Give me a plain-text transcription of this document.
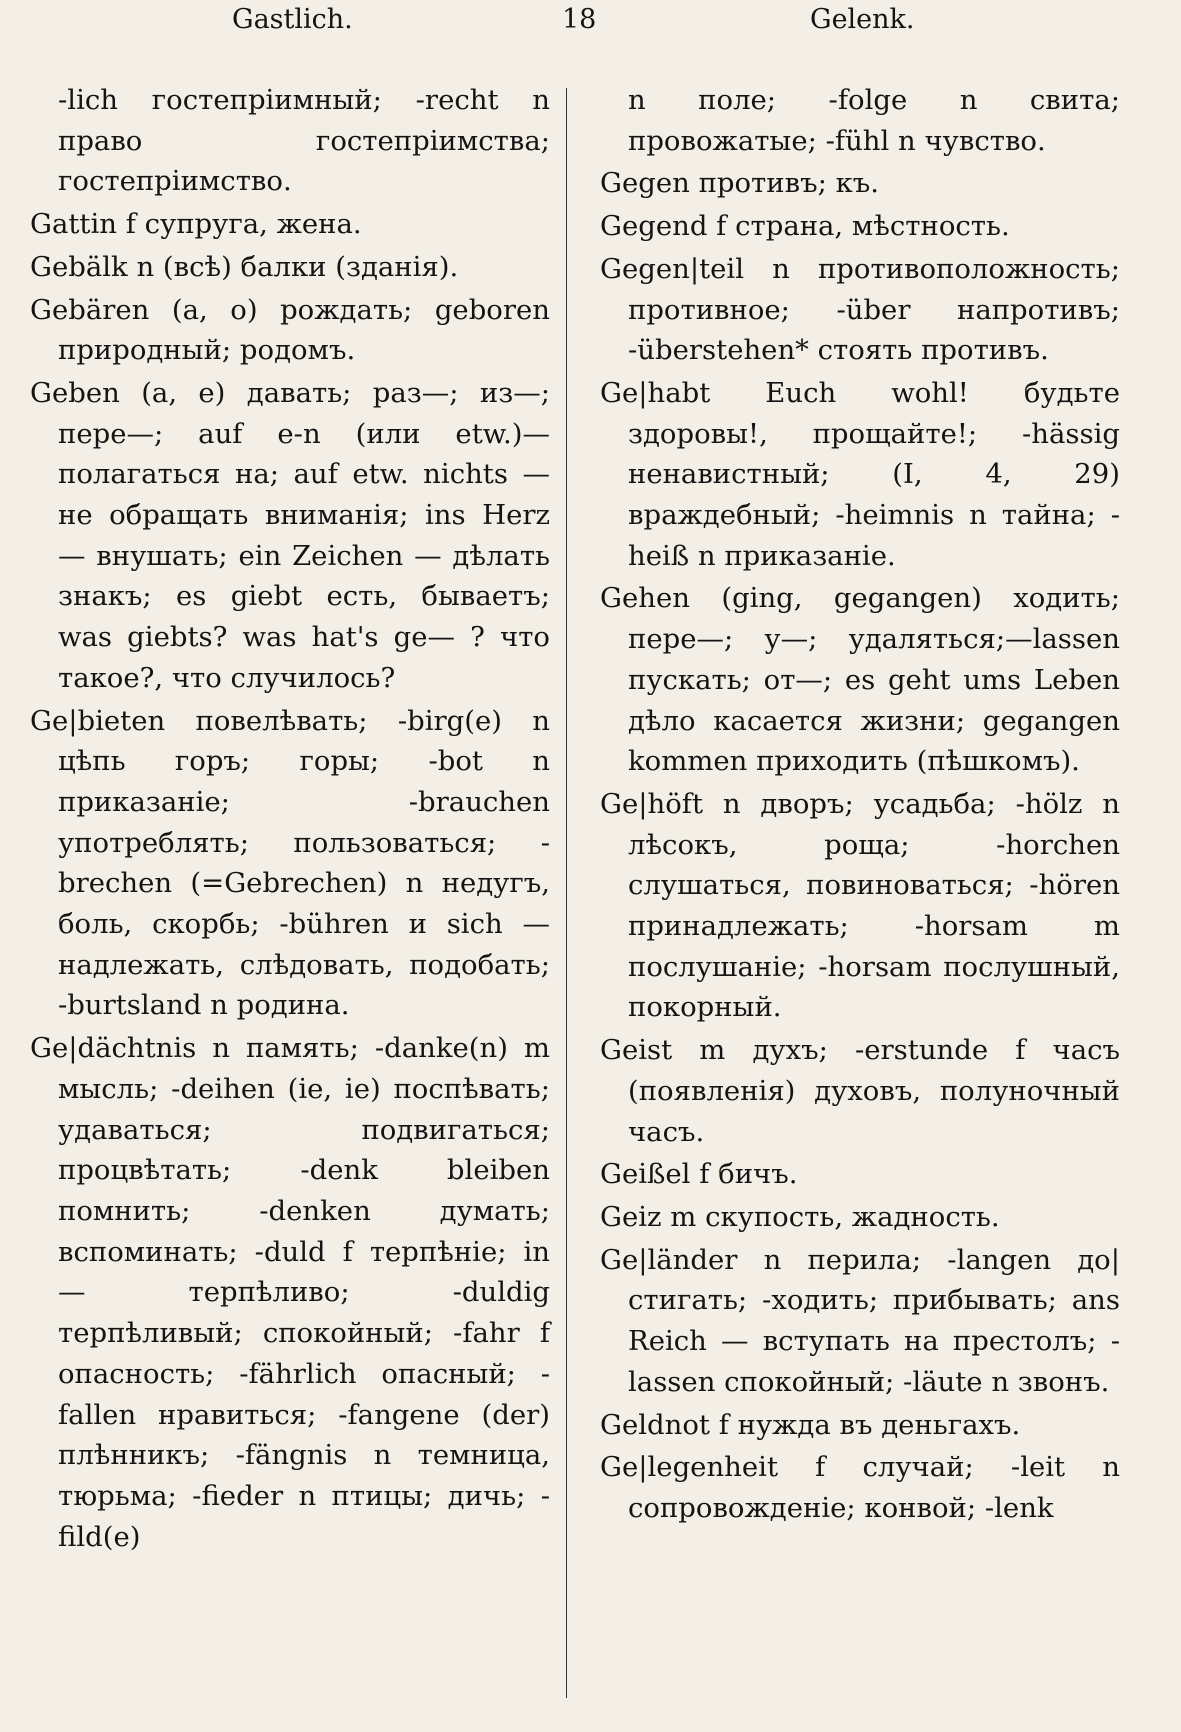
Gastlich.	18	Gelenk.

-lich гостепріимный; -recht n право гостепріимства; гостепріимство.

Gattin f супруга, жена.

Gebälk n (всѣ) балки (зданія).

Gebären (a, o) рождать; geboren природный; родомъ.

Geben (a, e) давать; раз—; из—; пере—; auf e-n (или etw.)—полагаться на; auf etw. nichts — не обращать вниманія; ins Herz — внушать; ein Zeichen — дѣлать знакъ; es giebt есть, бываетъ; was giebts? was hat's ge— ? что такое?, что случилось?

Ge|bieten повелѣвать; -birg(e) n цѣпь горъ; горы; -bot n приказаніе; -brauchen употреблять; пользоваться; -brechen (=Gebrechen) n недугъ, боль, скорбь; -bühren и sich — надлежать, слѣдовать, подобать; -burtsland n родина.

Ge|dächtnis n память; -danke(n) m мысль; -deihen (ie, ie) поспѣвать; удаваться; подвигаться; процвѣтать; -denk bleiben помнить; -denken думать; вспоминать; -duld f терпѣніе; in — терпѣливо; -duldig терпѣливый; спокойный; -fahr f опасность; -fährlich опасный; -fallen нравиться; -fangene (der) плѣнникъ; -fängnis n темница, тюрьма; -fieder n птицы; дичь; -fild(e)

n поле; -folge n свита; провожатые; -fühl n чувство.

Gegen противъ; къ.

Gegend f страна, мѣстность.

Gegen|teil n противоположность; противное; -über напротивъ; -überstehen* стоять противъ.

Ge|habt Euch wohl! будьте здоровы!, прощайте!; -hässig ненавистный; (I, 4, 29) враждебный; -heimnis n тайна; -heiß n приказаніе.

Gehen (ging, gegangen) ходить; пере—; у—; удаляться;—lassen пускать; от—; es geht ums Leben дѣло касается жизни; gegangen kommen приходить (пѣшкомъ).

Ge|höft n дворъ; усадьба; -hölz n лѣсокъ, роща; -horchen слушаться, повиноваться; -hören принадлежать; -horsam m послушаніе; -horsam послушный, покорный.

Geist m духъ; -erstunde f часъ (появленія) духовъ, полуночный часъ.

Geißel f бичъ.

Geiz m скупость, жадность.

Ge|länder n перила; -langen до|стигать; -ходить; прибывать; ans Reich — вступать на престолъ; -lassen спокойный; -läute n звонъ.

Geldnot f нужда въ деньгахъ.

Ge|legenheit f случай; -leit n сопровожденіе; конвой; -lenk
